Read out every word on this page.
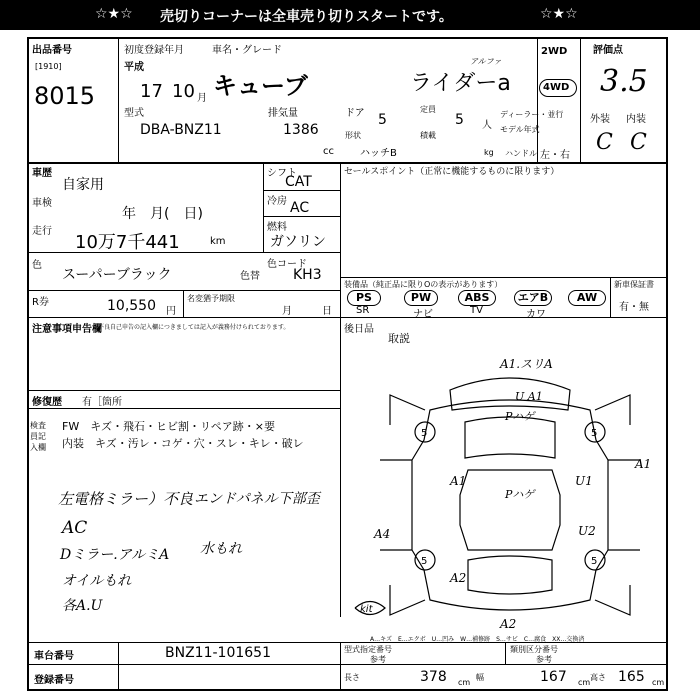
☆★☆ 売切りコーナーは全車売り切りスタートです。	☆★☆
出品番号
[1910]
8015
初度登録年月	車名・グレード
平成
17 10 月 キューブ	ライダーa
アルファ
2WD
4WD
評価点
3.5
外装 内装
C C
型式
DBA-BNZ11
排気量
1386
cc
ドア 5
形状
ハッチB
定員
5 人
積載
kg
ディーラー・並行
モデル年式
ハンドル 左・右
車歴
自家用
車検
年　月(　日)
走行
10万7千441	km
シフト
CAT
冷房 AC
燃料
ガソリン
色
スーパーブラック	色替
色コード
KH3
R券	10,550 円
名変猶予期限
月	日
注意事項申告欄
不良自己申告の記入欄につきましては記入が義務付けられております。
修復歴 有［箇所
セールスポイント（正常に機能するものに限ります）
装備品（純正品に限りOの表示があります）
PS	PW	ABS	エアB	AW
SR	ナビ	TV	カワ
新車保証書
有・無
後日品
取説
検査員記入欄
FW　キズ・飛石・ヒビ割・リペア跡・×要
内装　キズ・汚レ・コゲ・穴・スレ・キレ・破レ
左電格ミラー）不良
AC
Dミラー.アルミA
オイルもれ
各A.U
エンドパネル下部歪
水もれ
A1.スリA
U A1
Pハゲ
A1
Pハゲ
U1
A1
A4	U2
A2
A2
5	5
5	5
kit
A…キズ　E…エクボ　U…凹み　W…補修跡　S…サビ　C…腐食　XX…交換済
車台番号	BNZ11-101651
登録番号
型式指定番号
参考
類別区分番号
参考
長さ	378 cm
幅	167 cm
高さ 165 cm
